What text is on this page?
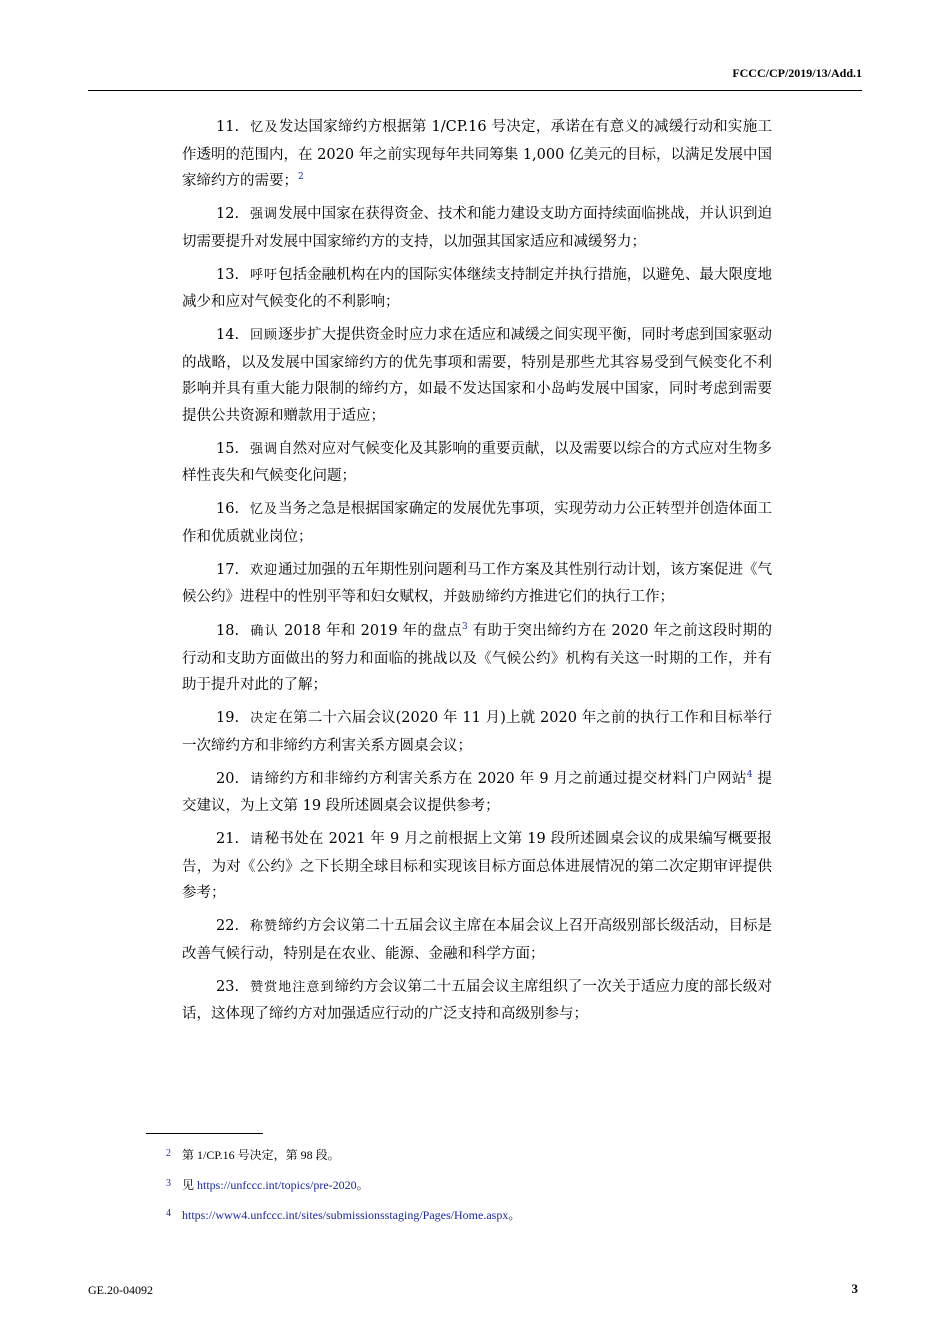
FCCC/CP/2019/13/Add.1

11. 忆及发达国家缔约方根据第 1/CP.16 号决定，承诺在有意义的减缓行动和实施工作透明的范围内，在 2020 年之前实现每年共同筹集 1,000 亿美元的目标，以满足发展中国家缔约方的需要；$^2$

12. 强调发展中国家在获得资金、技术和能力建设支助方面持续面临挑战，并认识到迫切需要提升对发展中国家缔约方的支持，以加强其国家适应和减缓努力；

13. 呼吁包括金融机构在内的国际实体继续支持制定并执行措施，以避免、最大限度地减少和应对气候变化的不利影响；

14. 回顾逐步扩大提供资金时应力求在适应和减缓之间实现平衡，同时考虑到国家驱动的战略，以及发展中国家缔约方的优先事项和需要，特别是那些尤其容易受到气候变化不利影响并具有重大能力限制的缔约方，如最不发达国家和小岛屿发展中国家，同时考虑到需要提供公共资源和赠款用于适应；

15. 强调自然对应对气候变化及其影响的重要贡献，以及需要以综合的方式应对生物多样性丧失和气候变化问题；

16. 忆及当务之急是根据国家确定的发展优先事项，实现劳动力公正转型并创造体面工作和优质就业岗位；

17. 欢迎通过加强的五年期性别问题利马工作方案及其性别行动计划，该方案促进《气候公约》进程中的性别平等和妇女赋权，并鼓励缔约方推进它们的执行工作；

18. 确认 2018 年和 2019 年的盘点$^3$ 有助于突出缔约方在 2020 年之前这段时期的行动和支助方面做出的努力和面临的挑战以及《气候公约》机构有关这一时期的工作，并有助于提升对此的了解；

19. 决定在第二十六届会议(2020 年 11 月)上就 2020 年之前的执行工作和目标举行一次缔约方和非缔约方利害关系方圆桌会议；

20. 请缔约方和非缔约方利害关系方在 2020 年 9 月之前通过提交材料门户网站$^4$ 提交建议，为上文第 19 段所述圆桌会议提供参考；

21. 请秘书处在 2021 年 9 月之前根据上文第 19 段所述圆桌会议的成果编写概要报告，为对《公约》之下长期全球目标和实现该目标方面总体进展情况的第二次定期审评提供参考；

22. 称赞缔约方会议第二十五届会议主席在本届会议上召开高级别部长级活动，目标是改善气候行动，特别是在农业、能源、金融和科学方面；

23. 赞赏地注意到缔约方会议第二十五届会议主席组织了一次关于适应力度的部长级对话，这体现了缔约方对加强适应行动的广泛支持和高级别参与；

2 第 1/CP.16 号决定，第 98 段。
3 见 https://unfccc.int/topics/pre-2020。
4 https://www4.unfccc.int/sites/submissionsstaging/Pages/Home.aspx。
GE.20-04092	3
